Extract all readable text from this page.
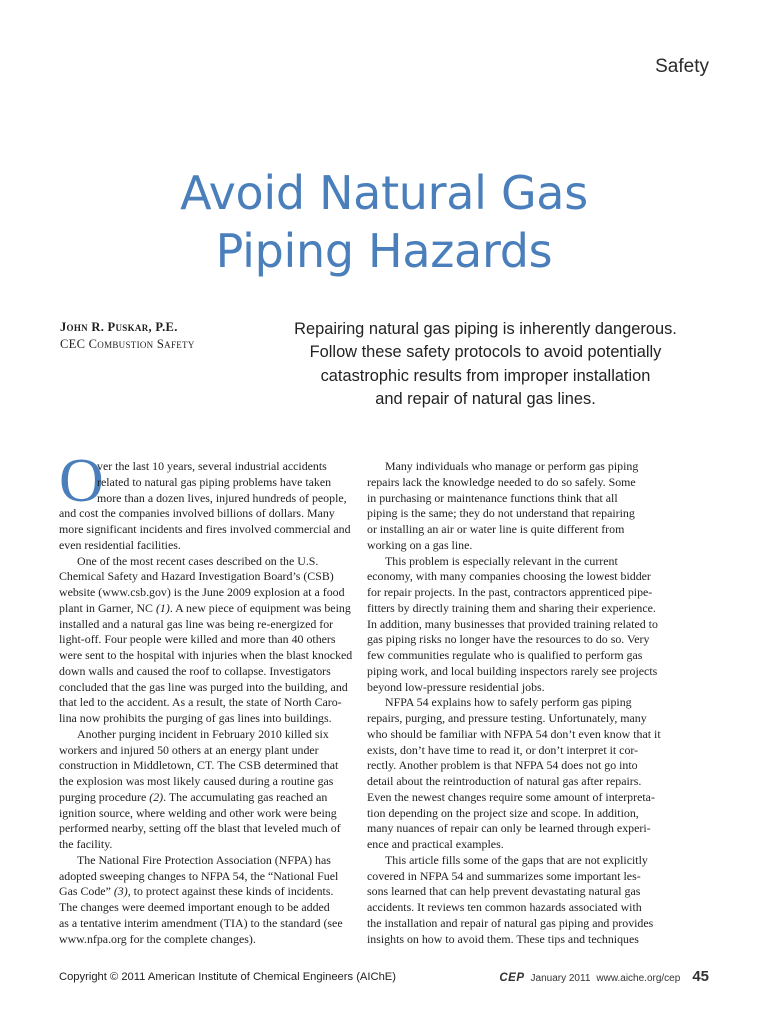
Safety
Avoid Natural Gas
Piping Hazards
John R. Puskar, P.E.
CEC Combustion Safety
Repairing natural gas piping is inherently dangerous.
Follow these safety protocols to avoid potentially
catastrophic results from improper installation
and repair of natural gas lines.
O
ver the last 10 years, several industrial accidents
related to natural gas piping problems have taken
more than a dozen lives, injured hundreds of people,
and cost the companies involved billions of dollars. Many
more significant incidents and fires involved commercial and
even residential facilities.
One of the most recent cases described on the U.S.
Chemical Safety and Hazard Investigation Board’s (CSB)
website (www.csb.gov) is the June 2009 explosion at a food
plant in Garner, NC (1). A new piece of equipment was being
installed and a natural gas line was being re-energized for
light-off. Four people were killed and more than 40 others
were sent to the hospital with injuries when the blast knocked
down walls and caused the roof to collapse. Investigators
concluded that the gas line was purged into the building, and
that led to the accident. As a result, the state of North Caro-
lina now prohibits the purging of gas lines into buildings.
Another purging incident in February 2010 killed six
workers and injured 50 others at an energy plant under
construction in Middletown, CT. The CSB determined that
the explosion was most likely caused during a routine gas
purging procedure (2). The accumulating gas reached an
ignition source, where welding and other work were being
performed nearby, setting off the blast that leveled much of
the facility.
The National Fire Protection Association (NFPA) has
adopted sweeping changes to NFPA 54, the “National Fuel
Gas Code” (3), to protect against these kinds of incidents.
The changes were deemed important enough to be added
as a tentative interim amendment (TIA) to the standard (see
www.nfpa.org for the complete changes).
Many individuals who manage or perform gas piping
repairs lack the knowledge needed to do so safely. Some
in purchasing or maintenance functions think that all
piping is the same; they do not understand that repairing
or installing an air or water line is quite different from
working on a gas line.
This problem is especially relevant in the current
economy, with many companies choosing the lowest bidder
for repair projects. In the past, contractors apprenticed pipe-
fitters by directly training them and sharing their experience.
In addition, many businesses that provided training related to
gas piping risks no longer have the resources to do so. Very
few communities regulate who is qualified to perform gas
piping work, and local building inspectors rarely see projects
beyond low-pressure residential jobs.
NFPA 54 explains how to safely perform gas piping
repairs, purging, and pressure testing. Unfortunately, many
who should be familiar with NFPA 54 don’t even know that it
exists, don’t have time to read it, or don’t interpret it cor-
rectly. Another problem is that NFPA 54 does not go into
detail about the reintroduction of natural gas after repairs.
Even the newest changes require some amount of interpreta-
tion depending on the project size and scope. In addition,
many nuances of repair can only be learned through experi-
ence and practical examples.
This article fills some of the gaps that are not explicitly
covered in NFPA 54 and summarizes some important les-
sons learned that can help prevent devastating natural gas
accidents. It reviews ten common hazards associated with
the installation and repair of natural gas piping and provides
insights on how to avoid them. These tips and techniques
Copyright © 2011 American Institute of Chemical Engineers (AIChE)	CEP January 2011 www.aiche.org/cep 45
